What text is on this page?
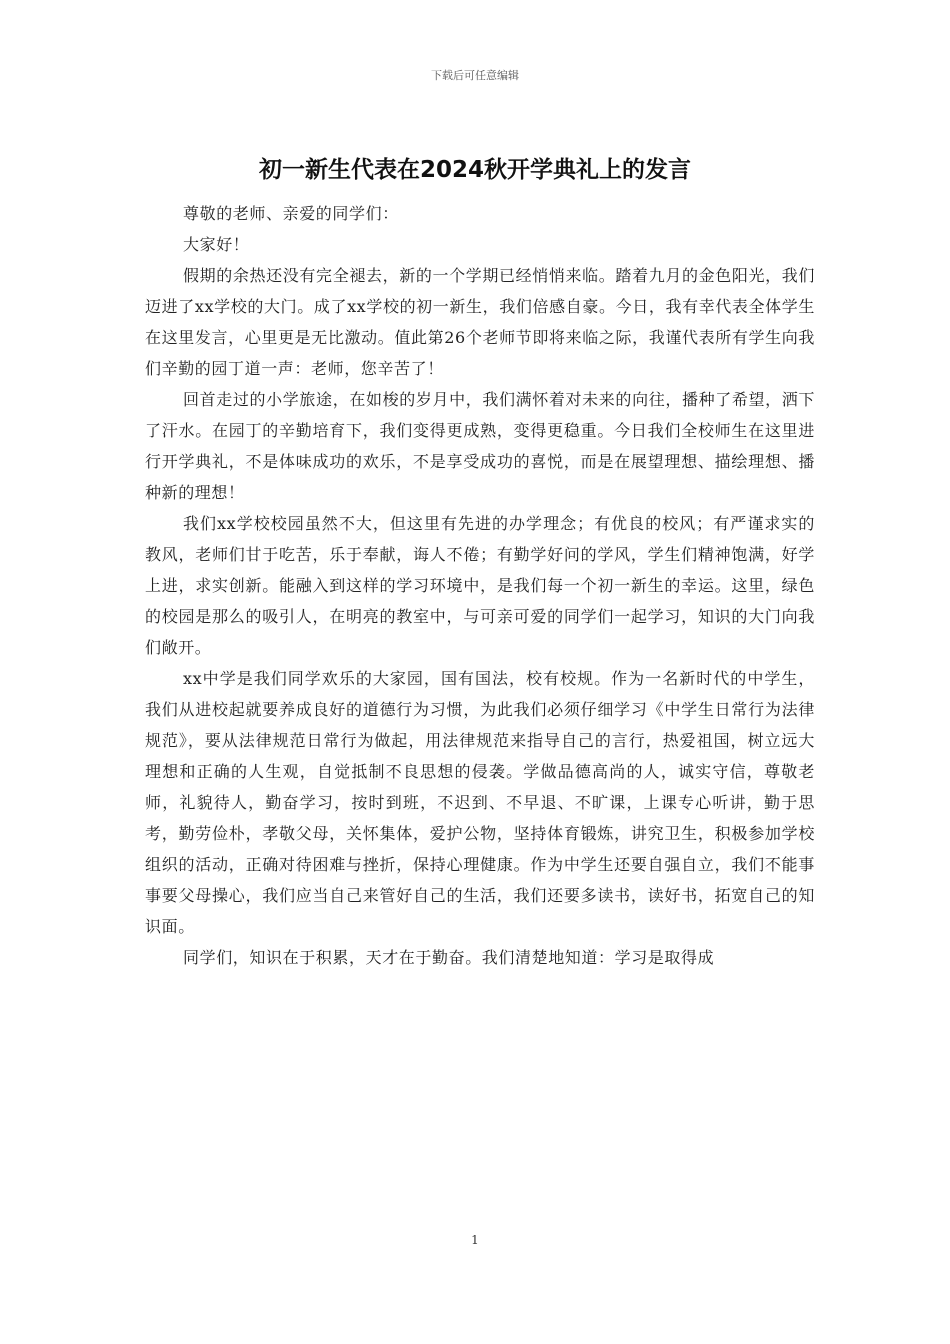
下载后可任意编辑
初一新生代表在2024秋开学典礼上的发言

尊敬的老师、亲爱的同学们：

大家好！

假期的余热还没有完全褪去，新的一个学期已经悄悄来临。踏着九月的金色阳光，我们迈进了xx学校的大门。成了xx学校的初一新生，我们倍感自豪。今日，我有幸代表全体学生在这里发言，心里更是无比激动。值此第26个老师节即将来临之际，我谨代表所有学生向我们辛勤的园丁道一声：老师，您辛苦了！

回首走过的小学旅途，在如梭的岁月中，我们满怀着对未来的向往，播种了希望，洒下了汗水。在园丁的辛勤培育下，我们变得更成熟，变得更稳重。今日我们全校师生在这里进行开学典礼，不是体味成功的欢乐，不是享受成功的喜悦，而是在展望理想、描绘理想、播种新的理想！

我们xx学校校园虽然不大，但这里有先进的办学理念；有优良的校风；有严谨求实的教风，老师们甘于吃苦，乐于奉献，诲人不倦；有勤学好问的学风，学生们精神饱满，好学上进，求实创新。能融入到这样的学习环境中，是我们每一个初一新生的幸运。这里，绿色的校园是那么的吸引人，在明亮的教室中，与可亲可爱的同学们一起学习，知识的大门向我们敞开。

xx中学是我们同学欢乐的大家园，国有国法，校有校规。作为一名新时代的中学生，我们从进校起就要养成良好的道德行为习惯，为此我们必须仔细学习《中学生日常行为法律规范》，要从法律规范日常行为做起，用法律规范来指导自己的言行，热爱祖国，树立远大理想和正确的人生观，自觉抵制不良思想的侵袭。学做品德高尚的人，诚实守信，尊敬老师，礼貌待人，勤奋学习，按时到班，不迟到、不早退、不旷课，上课专心听讲，勤于思考，勤劳俭朴，孝敬父母，关怀集体，爱护公物，坚持体育锻炼，讲究卫生，积极参加学校组织的活动，正确对待困难与挫折，保持心理健康。作为中学生还要自强自立，我们不能事事要父母操心，我们应当自己来管好自己的生活，我们还要多读书，读好书，拓宽自己的知识面。

同学们，知识在于积累，天才在于勤奋。我们清楚地知道：学习是取得成

1
